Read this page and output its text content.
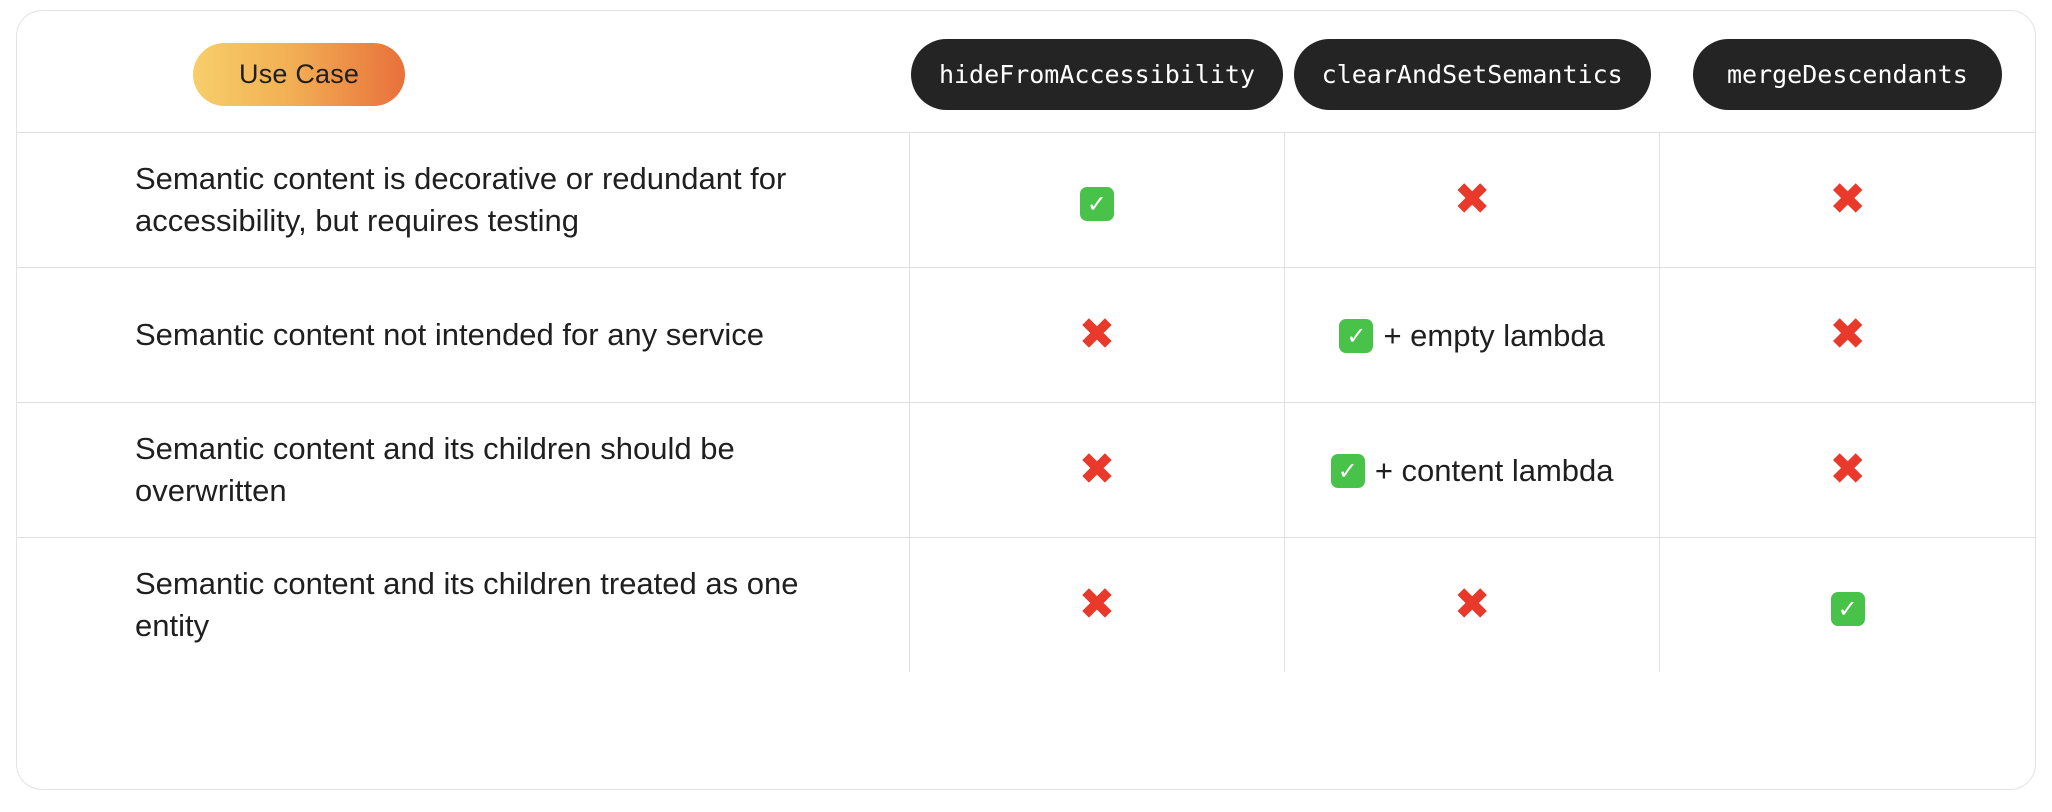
Use Case	hideFromAccessibility	clearAndSetSemantics	mergeDescendants
Semantic content is decorative or redundant for accessibility, but requires testing	✓	✖	✖
Semantic content not intended for any service	✖	✓ + empty lambda	✖
Semantic content and its children should be overwritten	✖	✓ + content lambda	✖
Semantic content and its children treated as one entity	✖	✖	✓
